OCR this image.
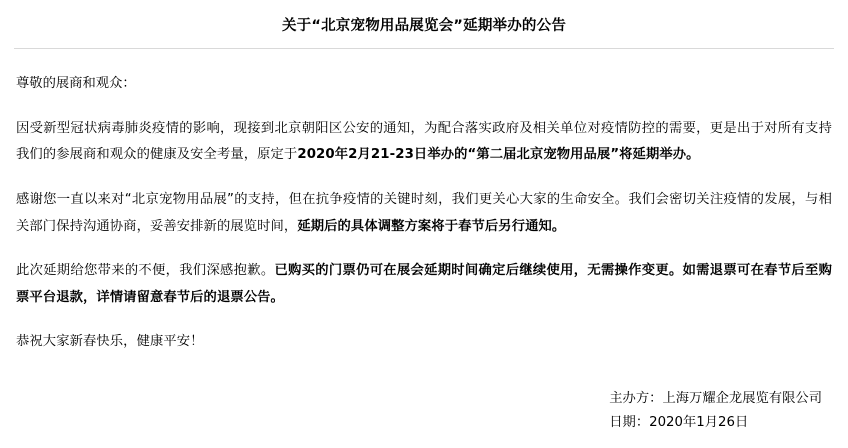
关于“北京宠物用品展览会”延期举办的公告

尊敬的展商和观众：

因受新型冠状病毒肺炎疫情的影响，现接到北京朝阳区公安的通知，为配合落实政府及相关单位对疫情防控的需要，更是出于对所有支持我们的参展商和观众的健康及安全考量，原定于2020年2月21-23日举办的“第二届北京宠物用品展”将延期举办。

感谢您一直以来对“北京宠物用品展”的支持，但在抗争疫情的关键时刻，我们更关心大家的生命安全。我们会密切关注疫情的发展，与相关部门保持沟通协商，妥善安排新的展览时间，延期后的具体调整方案将于春节后另行通知。

此次延期给您带来的不便，我们深感抱歉。已购买的门票仍可在展会延期时间确定后继续使用，无需操作变更。如需退票可在春节后至购票平台退款，详情请留意春节后的退票公告。

恭祝大家新春快乐，健康平安！

主办方：上海万耀企龙展览有限公司
日期：2020年1月26日
